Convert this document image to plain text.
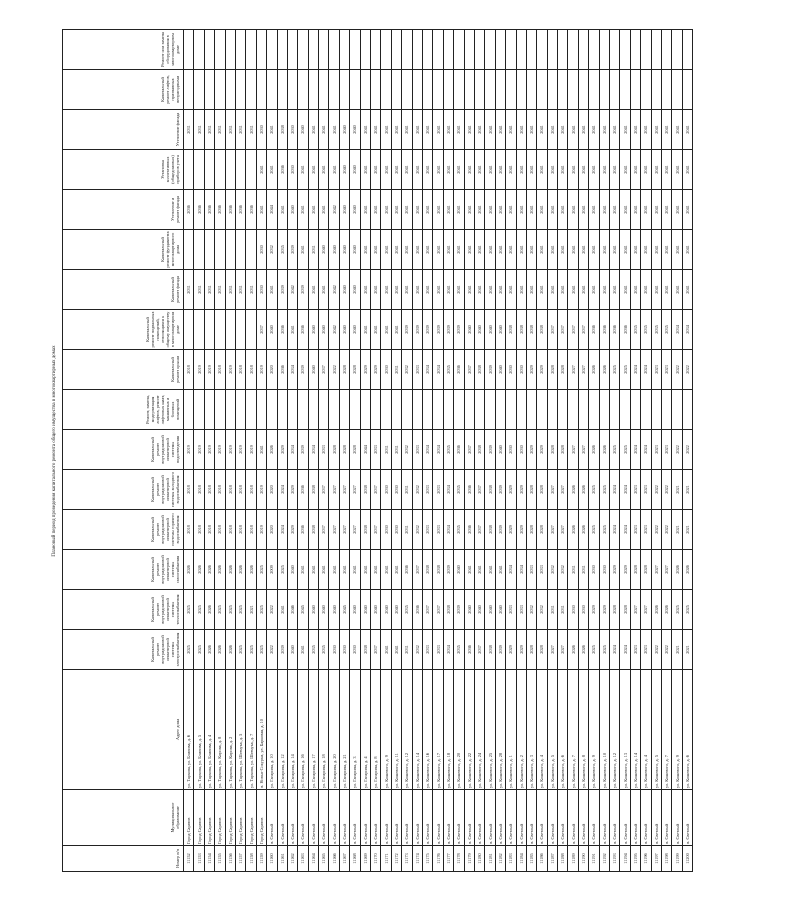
Плановый период проведения капитального ремонта общего имущества в многоквартирных домах
Номер п/п	Муниципальное образование	Адрес дома	Капитальный ремонт внутридомовой инженерной системы электроснабжения	Капитальный ремонт внутридомовой инженерной системы теплоснабжения	Капитальный ремонт внутридомовой инженерной системы газоснабжения	Капитальный ремонт внутридомовой инженерной системы горячего водоснабжения	Капитальный ремонт внутридомовой инженерной системы холодного водоснабжения	Капитальный ремонт внутридомовой инженерной системы водоотведения	Ремонт, замена, модернизация лифтов, ремонт лифтовых шахт, машинных и блочных помещений	Капитальный ремонт крыши	Капитальный ремонт подвальных помещений, относящихся к общему имуществу в многоквартирном доме	Капитальный ремонт фасада	Капитальный ремонт фундамента многоквартирного дома	Утепление и ремонт фасада	Установка коллективных (общедомовых) приборов учета	Утепление фасада	Капитальный ремонт лифтов, признанных непригодными	Ремонт или замена оборудования в многоквартирном доме

11152	Город Саратов	ул. Тархова, ул. Блинова, д. 6	2025	2025	2026	2018	2018	2019		2018		2031		2036		2031		
11153	Город Саратов	ул. Тархова, ул. Блинова, д. 5	2025	2025	2026	2018	2018	2019		2019		2031		2036		2031		
11154	Город Саратов	ул. Тархова, ул. Блинова, д. 4	2026	2026	2026	2018	2018	2019		2019		2031		2036		2031		
11155	Город Саратов	ул. Тархова, ул. Кирова, д. 8	2026	2025	2026	2018	2018	2019		2018		2031		2036		2031		
11156	Город Саратов	ул. Тархова, ул. Кирова, д. 2	2026	2025	2026	2018	2018	2019		2019		2031		2036		2031		
11157	Город Саратов	ул. Тархова, ул. Шевчука, д. 5	2025	2025	2026	2018	2018	2019		2018		2031		2036		2031		
11158	Город Саратов	ул. Тархова, ул. Шевчука, д. 7	2025	2021	2026	2018	2018	2019		2018		2031		2036		2031		
11159	Город Саратов	п. Новые Сокурки, ул. Барковая, д. 10	2025	2025	2025	2019	2019	2041		2019	2037	2030	2030	2041	2041	2030		
11160	п. Светлый	ул. Гагарина, д. 10	2022	2022	2009	2020	2020	2026		2020	2040	2041	2032	2044	2041	2041		
11161	п. Светлый	ул. Гагарина, д. 12	2039	2041	2025	2024	2024	2029		2036	2036	2039	2035	2041	2036	2038		
11162	п. Светлый	ул. Гагарина, д. 14	2040	2046	2040	2029	2029	2034		2034	2041	2042	2039	2040	2030	2030		
11163	п. Светлый	ул. Гагарина, д. 16	2041	2045	2041	2036	2036	2039		2039	2036	2039	2041	2041	2041	2040		
11164	п. Светлый	ул. Гагарина, д. 17	2035	2040	2041	2038	2038	2034		2040	2040	2041	2031	2041	2041	2041		
11165	п. Светлый	ул. Гагарина, д. 18	2035	2040	2041	2037	2037	2033		2037	2040	2041	2040	2041	2041	2041		
11166	п. Светлый	ул. Гагарина, д. 20	2030	2040	2041	2027	2027	2028		2022	2042	2042	2040	2042	2041	2041		
11167	п. Светлый	ул. Гагарина, д. 21	2030	2045	2041	2027	2027	2028		2028	2040	2040	2040	2040	2040	2040		
11168	п. Светлый	ул. Гагарина, д. 3	2030	2040	2041	2027	2027	2028		2028	2040	2040	2040	2040	2040	2040		
11169	п. Светлый	ул. Гагарина, д. 4	2038	2040	2041	2038	2038	2044		2029	2041	2041	2041	2041	2041	2041		
11170	п. Светлый	ул. Гагарина, д. 8	2037	2040	2041	2037	2037	2033		2029	2041	2041	2041	2041	2041	2041		
11171	п. Светлый	ул. Кошевого, д. 9	2041	2040	2041	2030	2030	2031		2030	2041	2041	2041	2041	2041	2041		
11172	п. Светлый	ул. Кошевого, д. 11	2041	2040	2041	2030	2030	2031		2031	2041	2041	2041	2041	2041	2041		
11173	п. Светлый	ул. Кошевого, д. 12	2031	2035	2036	2031	2031	2032		2032	2039	2041	2041	2041	2041	2041		
11174	п. Светлый	ул. Кошевого, д. 14	2032	2036	2037	2032	2032	2033		2033	2039	2041	2041	2041	2041	2041		
11175	п. Светлый	ул. Кошевого, д. 16	2033	2037	2038	2033	2033	2034		2034	2039	2041	2041	2041	2041	2041		
11176	п. Светлый	ул. Кошевого, д. 17	2033	2037	2038	2033	2033	2034		2034	2039	2041	2041	2041	2041	2041		
11177	п. Светлый	ул. Кошевого, д. 18	2034	2038	2039	2034	2034	2035		2035	2039	2041	2041	2041	2041	2041		
11178	п. Светлый	ул. Кошевого, д. 20	2035	2039	2040	2035	2035	2036		2036	2039	2041	2041	2041	2041	2041		
11179	п. Светлый	ул. Кошевого, д. 22	2036	2040	2041	2036	2036	2037		2037	2040	2041	2041	2041	2041	2041		
11180	п. Светлый	ул. Кошевого, д. 24	2037	2040	2041	2037	2037	2038		2038	2040	2041	2041	2041	2041	2041		
11181	п. Светлый	ул. Кошевого, д. 25	2038	2040	2041	2038	2038	2039		2039	2040	2041	2041	2041	2041	2041		
11182	п. Светлый	ул. Кошевого, д. 28	2039	2040	2041	2039	2039	2040		2040	2040	2041	2041	2041	2041	2041		
11183	п. Светлый	ул. Кошевого, д. 1	2029	2033	2034	2029	2029	2030		2030	2038	2041	2041	2041	2041	2041		
11184	п. Светлый	ул. Кошевого, д. 2	2029	2033	2034	2029	2029	2030		2030	2038	2041	2041	2041	2041	2041		
11185	п. Светлый	ул. Кошевого, д. 3	2028	2032	2033	2028	2028	2029		2029	2038	2041	2041	2041	2041	2041		
11186	п. Светлый	ул. Кошевого, д. 4	2028	2032	2033	2028	2028	2029		2029	2038	2041	2041	2041	2041	2041		
11187	п. Светлый	ул. Кошевого, д. 5	2027	2031	2032	2027	2027	2028		2028	2037	2041	2041	2041	2041	2041		
11188	п. Светлый	ул. Кошевого, д. 6	2027	2031	2032	2027	2027	2028		2028	2037	2041	2041	2041	2041	2041		
11189	п. Светлый	ул. Кошевого, д. 7	2026	2030	2031	2026	2026	2027		2027	2037	2041	2041	2041	2041	2041		
11190	п. Светлый	ул. Кошевого, д. 8	2026	2030	2031	2026	2026	2027		2027	2037	2041	2041	2041	2041	2041		
11191	п. Светлый	ул. Кошевого, д. 9	2025	2029	2030	2025	2025	2026		2026	2036	2041	2041	2041	2041	2041		
11192	п. Светлый	ул. Кошевого, д. 10	2025	2029	2030	2025	2025	2026		2026	2036	2041	2041	2041	2041	2041		
11193	п. Светлый	ул. Кошевого, д. 12	2024	2028	2029	2024	2024	2025		2025	2036	2041	2041	2041	2041	2041		
11194	п. Светлый	ул. Кошевого, д. 13	2024	2028	2029	2024	2024	2025		2025	2036	2041	2041	2041	2041	2041		
11195	п. Светлый	ул. Кошевого, д. 14	2023	2027	2028	2023	2023	2024		2024	2035	2041	2041	2041	2041	2041		
11196	п. Светлый	ул. Кошевого, д. 4	2023	2027	2028	2023	2023	2024		2024	2035	2041	2041	2041	2041	2041		
11197	п. Светлый	ул. Кошевого, д. 5	2022	2026	2027	2022	2022	2023		2023	2035	2041	2041	2041	2041	2041		
11198	п. Светлый	ул. Кошевого, д. 7	2022	2026	2027	2022	2022	2023		2023	2035	2041	2041	2041	2041	2041		
11199	п. Светлый	ул. Кошевого, д. 9	2021	2025	2026	2021	2021	2022		2022	2034	2041	2041	2041	2041	2041		
11200	п. Светлый	ул. Кошевого, д. 6	2021	2025	2026	2021	2021	2022		2022	2034	2041	2041	2041	2041	2041		
